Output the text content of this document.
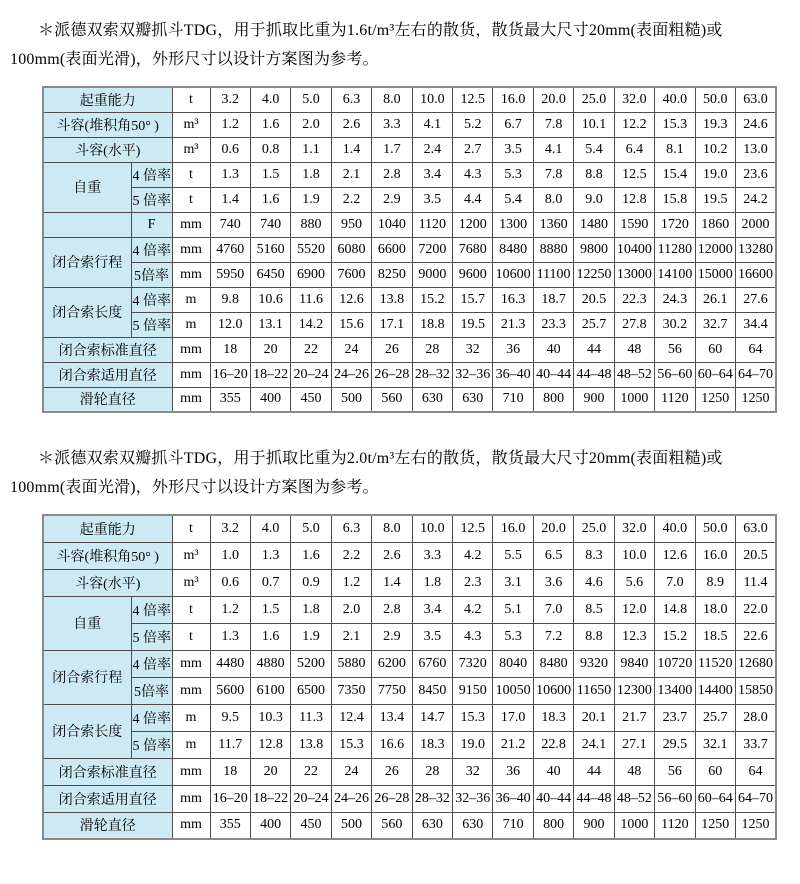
＊派德双索双瓣抓斗TDG，用于抓取比重为1.6t/m³左右的散货，散货最大尺寸20mm(表面粗糙)或100mm(表面光滑)，外形尺寸以设计方案图为参考。

起重能力		t	3.2	4.0	5.0	6.3	8.0	10.0	12.5	16.0	20.0	25.0	32.0	40.0	50.0	63.0
斗容(堆积角50° )		m³	1.2	1.6	2.0	2.6	3.3	4.1	5.2	6.7	7.8	10.1	12.2	15.3	19.3	24.6
斗容(水平)		m³	0.6	0.8	1.1	1.4	1.7	2.4	2.7	3.5	4.1	5.4	6.4	8.1	10.2	13.0
自重	4 倍率	t	1.3	1.5	1.8	2.1	2.8	3.4	4.3	5.3	7.8	8.8	12.5	15.4	19.0	23.6
	5 倍率	t	1.4	1.6	1.9	2.2	2.9	3.5	4.4	5.4	8.0	9.0	12.8	15.8	19.5	24.2
	F	mm	740	740	880	950	1040	1120	1200	1300	1360	1480	1590	1720	1860	2000
闭合索行程	4 倍率	mm	4760	5160	5520	6080	6600	7200	7680	8480	8880	9800	10400	11280	12000	13280
	5倍率	mm	5950	6450	6900	7600	8250	9000	9600	10600	11100	12250	13000	14100	15000	16600
闭合索长度	4 倍率	m	9.8	10.6	11.6	12.6	13.8	15.2	15.7	16.3	18.7	20.5	22.3	24.3	26.1	27.6
	5 倍率	m	12.0	13.1	14.2	15.6	17.1	18.8	19.5	21.3	23.3	25.7	27.8	30.2	32.7	34.4
闭合索标准直径		mm	18	20	22	24	26	28	32	36	40	44	48	56	60	64
闭合索适用直径		mm	16–20	18–22	20–24	24–26	26–28	28–32	32–36	36–40	40–44	44–48	48–52	56–60	60–64	64–70
滑轮直径		mm	355	400	450	500	560	630	630	710	800	900	1000	1120	1250	1250

＊派德双索双瓣抓斗TDG，用于抓取比重为2.0t/m³左右的散货，散货最大尺寸20mm(表面粗糙)或100mm(表面光滑)，外形尺寸以设计方案图为参考。

起重能力		t	3.2	4.0	5.0	6.3	8.0	10.0	12.5	16.0	20.0	25.0	32.0	40.0	50.0	63.0
斗容(堆积角50° )		m³	1.0	1.3	1.6	2.2	2.6	3.3	4.2	5.5	6.5	8.3	10.0	12.6	16.0	20.5
斗容(水平)		m³	0.6	0.7	0.9	1.2	1.4	1.8	2.3	3.1	3.6	4.6	5.6	7.0	8.9	11.4
自重	4 倍率	t	1.2	1.5	1.8	2.0	2.8	3.4	4.2	5.1	7.0	8.5	12.0	14.8	18.0	22.0
	5 倍率	t	1.3	1.6	1.9	2.1	2.9	3.5	4.3	5.3	7.2	8.8	12.3	15.2	18.5	22.6
闭合索行程	4 倍率	mm	4480	4880	5200	5880	6200	6760	7320	8040	8480	9320	9840	10720	11520	12680
	5倍率	mm	5600	6100	6500	7350	7750	8450	9150	10050	10600	11650	12300	13400	14400	15850
闭合索长度	4 倍率	m	9.5	10.3	11.3	12.4	13.4	14.7	15.3	17.0	18.3	20.1	21.7	23.7	25.7	28.0
	5 倍率	m	11.7	12.8	13.8	15.3	16.6	18.3	19.0	21.2	22.8	24.1	27.1	29.5	32.1	33.7
闭合索标准直径		mm	18	20	22	24	26	28	32	36	40	44	48	56	60	64
闭合索适用直径		mm	16–20	18–22	20–24	24–26	26–28	28–32	32–36	36–40	40–44	44–48	48–52	56–60	60–64	64–70
滑轮直径		mm	355	400	450	500	560	630	630	710	800	900	1000	1120	1250	1250
